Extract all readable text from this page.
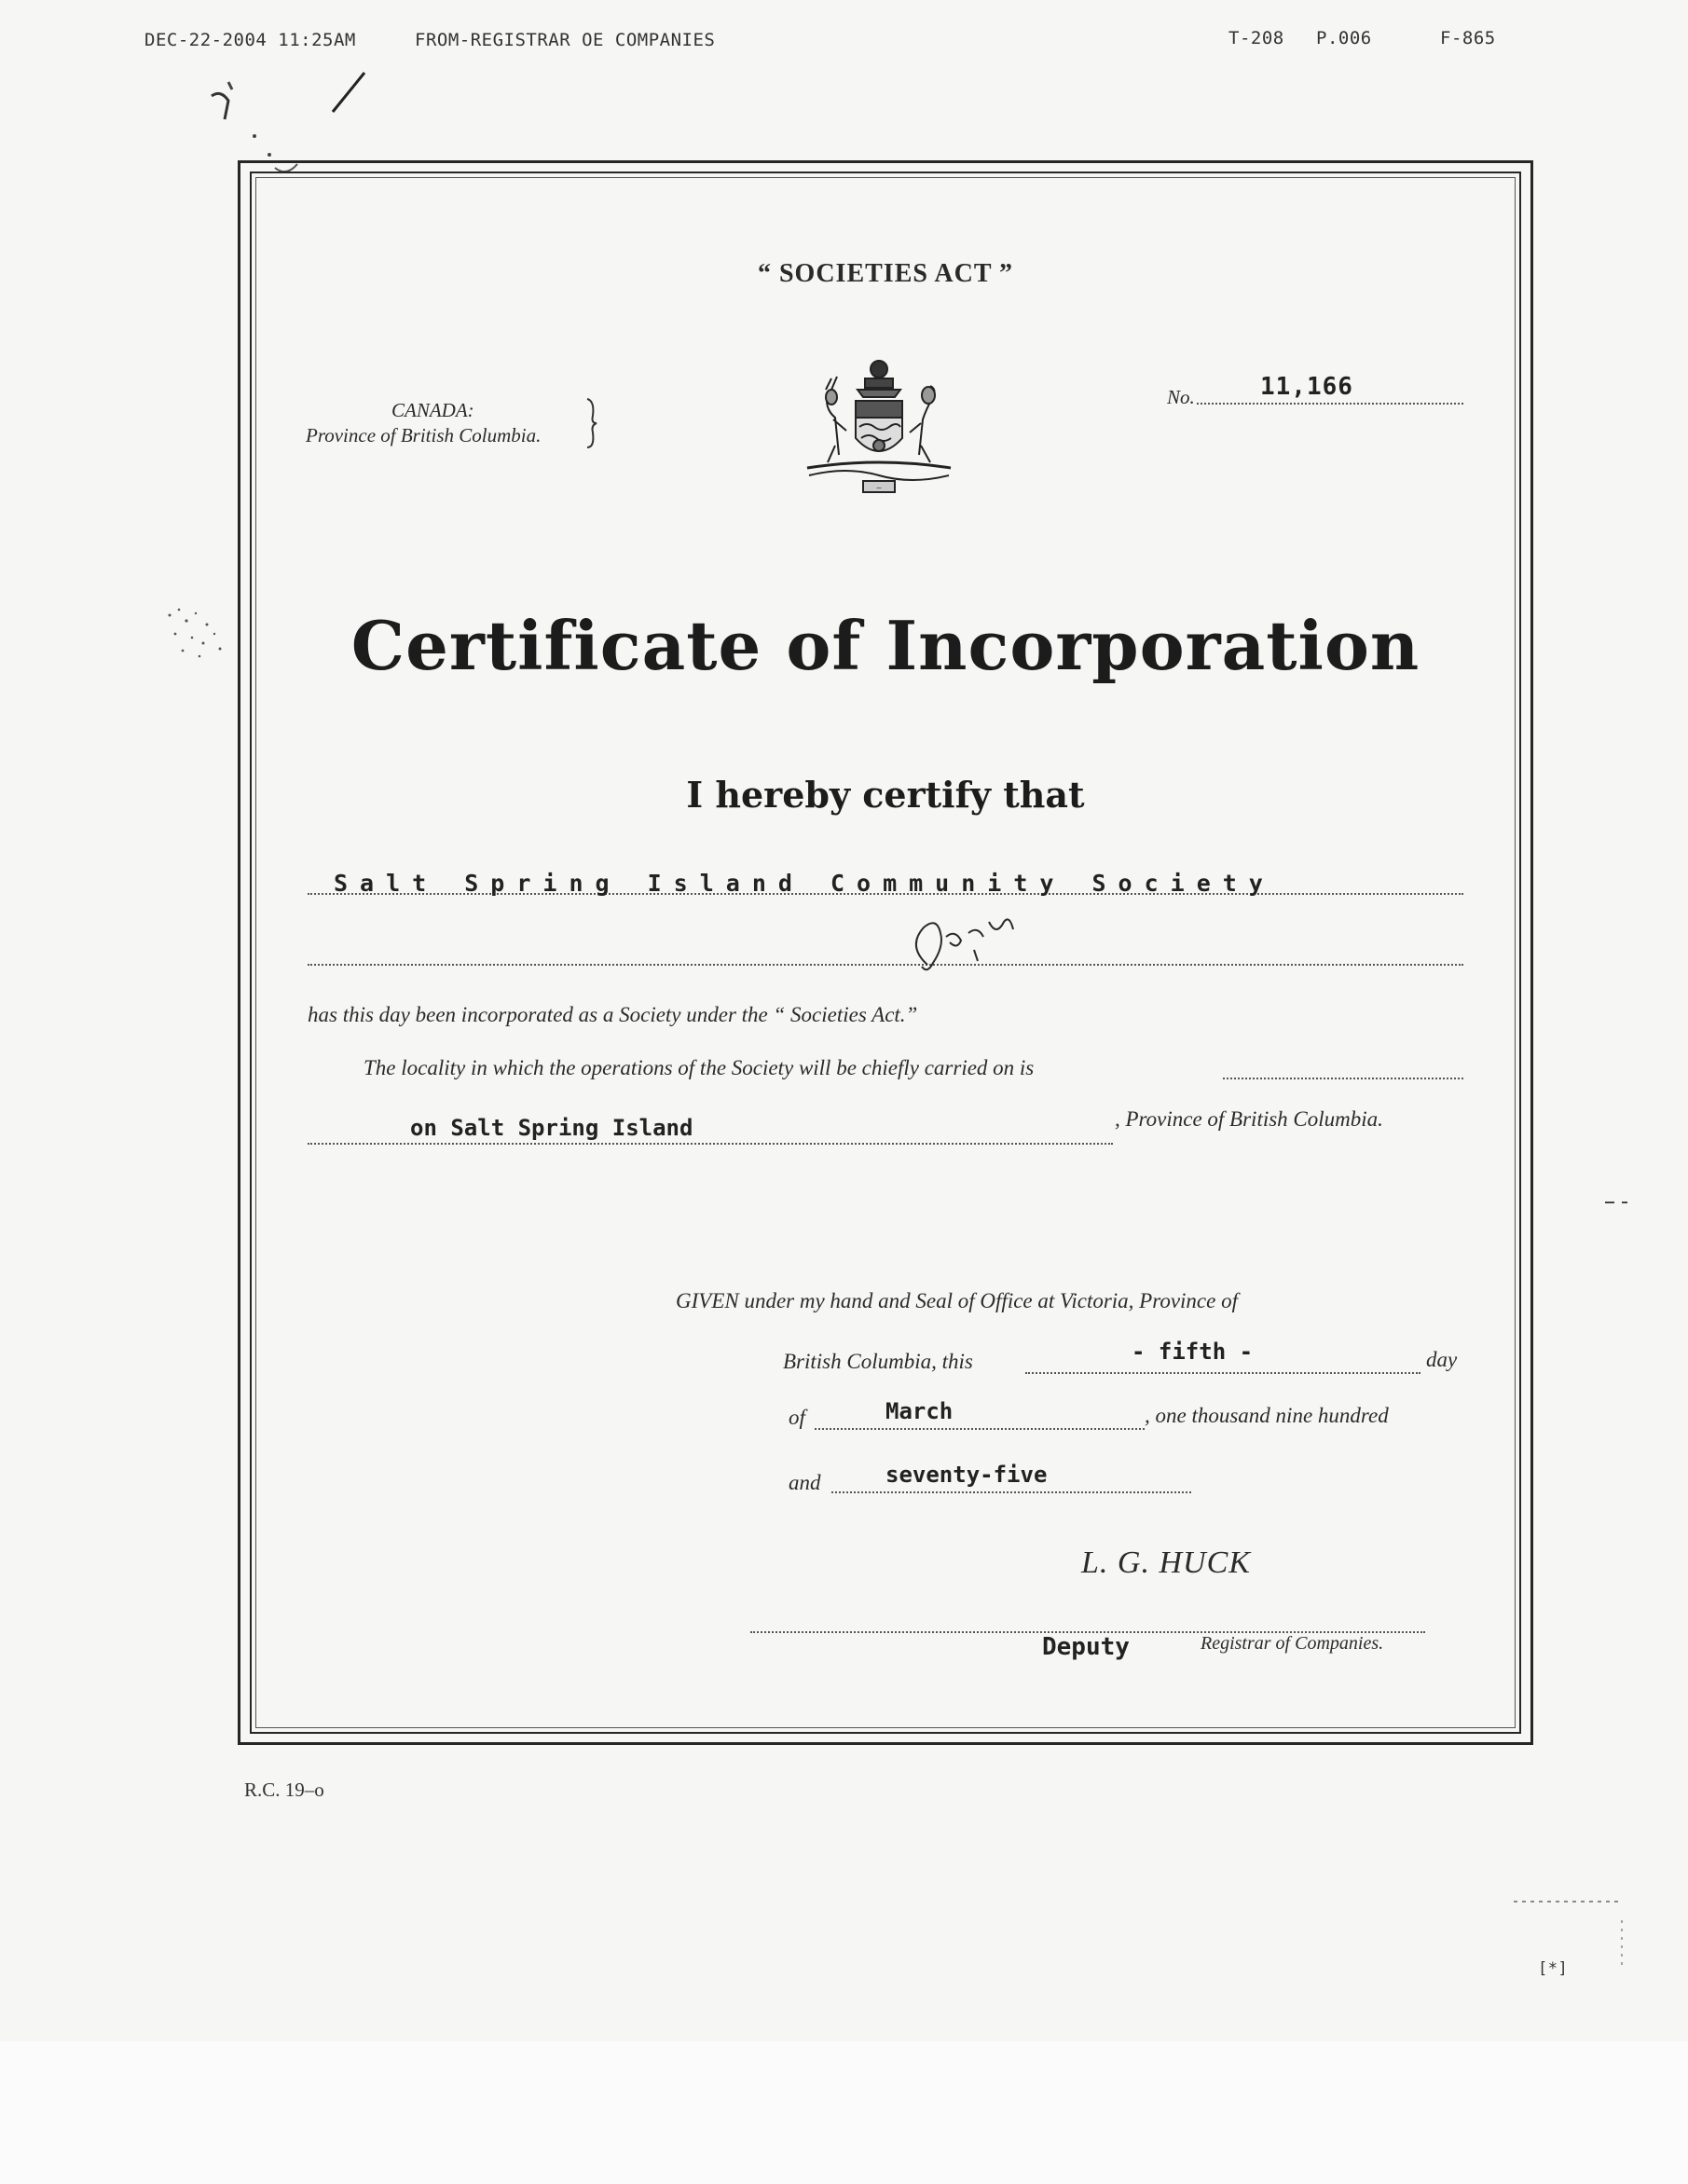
DEC-22-2004 11:25AM	FROM-REGISTRAR OE COMPANIES	T-208 P.006	F-865
“ SOCIETIES ACT ”
CANADA:
Province of British Columbia.
~
No.	11,166
Certificate of Incorporation
I hereby certify that
Salt Spring Island Community Society
has this day been incorporated as a Society under the “ Societies Act.”
The locality in which the operations of the Society will be chiefly carried on is
on Salt Spring Island	, Province of British Columbia.
GIVEN under my hand and Seal of Office at Victoria, Province of
British Columbia, this	- fifth -	day
of	March	, one thousand nine hundred
and	seventy-five
L. G. HUCK
Deputy	Registrar of Companies.
R.C. 19–o
[*]
